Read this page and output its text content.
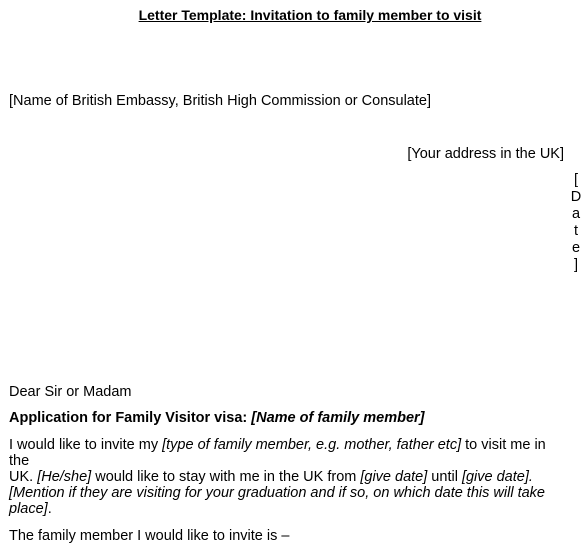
Letter Template: Invitation to family member to visit
[Name of British Embassy, British High Commission or Consulate]
[Your address in the UK]
[
D
a
t
e
]
Dear Sir or Madam
Application for Family Visitor visa: [Name of family member]
I would like to invite my [type of family member, e.g. mother, father etc] to visit me in the
UK. [He/she] would like to stay with me in the UK from [give date] until [give date].
[Mention if they are visiting for your graduation and if so, on which date this will take place].
The family member I would like to invite is –
